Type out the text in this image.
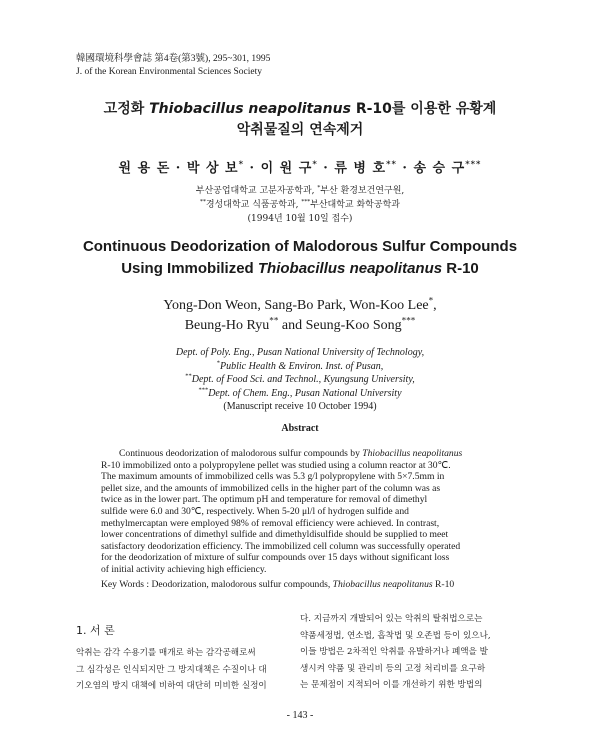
韓國環境科學會誌 第4卷(第3號), 295~301, 1995
J. of the Korean Environmental Sciences Society
고정화 Thiobacillus neapolitanus R-10를 이용한 유황계
악취물질의 연속제거
원 용 돈 · 박 상 보* · 이 원 구* · 류 병 호** · 송 승 구***
부산공업대학교 고분자공학과, *부산 환경보건연구원,
**경성대학교 식품공학과, ***부산대학교 화학공학과
(1994년 10월 10일 접수)
Continuous Deodorization of Malodorous Sulfur Compounds
Using Immobilized Thiobacillus neapolitanus R-10
Yong-Don Weon, Sang-Bo Park, Won-Koo Lee*,
Beung-Ho Ryu** and Seung-Koo Song***
Dept. of Poly. Eng., Pusan National University of Technology,
*Public Health & Environ. Inst. of Pusan,
**Dept. of Food Sci. and Technol., Kyungsung University,
***Dept. of Chem. Eng., Pusan National University
(Manuscript receive 10 October 1994)
Abstract
Continuous deodorization of malodorous sulfur compounds by Thiobacillus neapolitanus
R-10 immobilized onto a polypropylene pellet was studied using a column reactor at 30℃.
The maximum amounts of immobilized cells was 5.3 g/l polypropylene with 5×7.5mm in
pellet size, and the amounts of immobilized cells in the higher part of the column was as
twice as in the lower part. The optimum pH and temperature for removal of dimethyl
sulfide were 6.0 and 30℃, respectively. When 5-20 μl/l of hydrogen sulfide and
methylmercaptan were employed 98% of removal efficiency were achieved. In contrast,
lower concentrations of dimethyl sulfide and dimethyldisulfide should be supplied to meet
satisfactory deodorization efficiency. The immobilized cell column was successfully operated
for the deodorization of mixture of sulfur compounds over 15 days without significant loss
of initial activity achieving high efficiency.
Key Words : Deodorization, malodorous sulfur compounds, Thiobacillus neapolitanus R-10
1. 서 론
악취는 감각 수용기를 매개로 하는 감각공해로써
그 심각성은 인식되지만 그 방지대책은 수질이나 대
기오염의 방지 대책에 비하여 대단히 미비한 실정이
다. 지금까지 개발되어 있는 악취의 탈취법으로는
약품세정법, 연소법, 흡착법 및 오존법 등이 있으나,
이들 방법은 2차적인 악취를 유발하거나 폐액을 발
생시켜 약품 및 관리비 등의 고정 처리비를 요구하
는 문제점이 지적되어 이를 개선하기 위한 방법의
- 143 -
